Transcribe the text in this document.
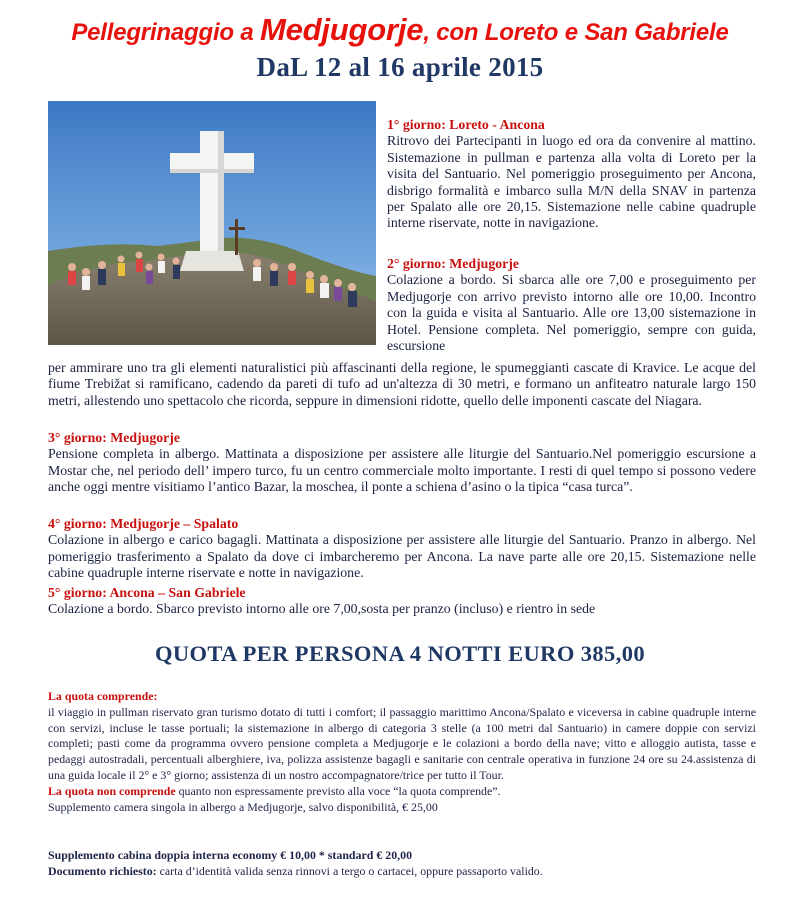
Pellegrinaggio a Medjugorje, con Loreto e San Gabriele
DaL 12 al 16 aprile 2015
1° giorno: Loreto - Ancona

Ritrovo dei Partecipanti in luogo ed ora da convenire al mattino. Sistemazione in pullman e partenza alla volta di Loreto per la visita del Santuario. Nel pomeriggio proseguimento per Ancona, disbrigo formalità e imbarco sulla M/N della SNAV in partenza per Spalato alle ore 20,15. Sistemazione nelle cabine quadruple interne riservate, notte in navigazione.

2° giorno: Medjugorje

Colazione a bordo. Si sbarca alle ore 7,00 e proseguimento per Medjugorje con arrivo previsto intorno alle ore 10,00. Incontro con la guida e visita al Santuario. Alle ore 13,00 sistemazione in Hotel. Pensione completa. Nel pomeriggio, sempre con guida, escursione

per ammirare uno tra gli elementi naturalistici più affascinanti della regione, le spumeggianti cascate di Kravice. Le acque del fiume Trebižat si ramificano, cadendo da pareti di tufo ad un'altezza di 30 metri, e formano un anfiteatro naturale largo 150 metri, allestendo uno spettacolo che ricorda, seppure in dimensioni ridotte, quello delle imponenti cascate del Niagara.

3° giorno: Medjugorje

Pensione completa in albergo. Mattinata a disposizione per assistere alle liturgie del Santuario.Nel pomeriggio escursione a Mostar che, nel periodo dell’ impero turco, fu un centro commerciale molto importante. I resti di quel tempo si possono vedere anche oggi mentre visitiamo l’antico Bazar, la moschea, il ponte a schiena d’asino o la tipica “casa turca”.

4° giorno: Medjugorje – Spalato

Colazione in albergo e carico bagagli. Mattinata a disposizione per assistere alle liturgie del Santuario. Pranzo in albergo. Nel pomeriggio trasferimento a Spalato da dove ci imbarcheremo per Ancona. La nave parte alle ore 20,15. Sistemazione nelle cabine quadruple interne riservate e notte in navigazione.

5° giorno: Ancona – San Gabriele

Colazione a bordo. Sbarco previsto intorno alle ore 7,00,sosta per pranzo (incluso) e rientro in sede

QUOTA PER PERSONA 4 NOTTI EURO 385,00
La quota comprende:

il viaggio in pullman riservato gran turismo dotato di tutti i comfort; il passaggio marittimo Ancona/Spalato e viceversa in cabine quadruple interne con servizi, incluse le tasse portuali; la sistemazione in albergo di categoria 3 stelle (a 100 metri dal Santuario) in camere doppie con servizi completi; pasti come da programma ovvero pensione completa a Medjugorje e le colazioni a bordo della nave; vitto e alloggio autista, tasse e pedaggi autostradali, percentuali alberghiere, iva, polizza assistenze bagagli e sanitarie con centrale operativa in funzione 24 ore su 24.assistenza di una guida locale il 2° e 3° giorno; assistenza di un nostro accompagnatore/trice per tutto il Tour.

La quota non comprende quanto non espressamente previsto alla voce “la quota comprende”.

Supplemento camera singola in albergo a Medjugorje, salvo disponibilità, € 25,00

Supplemento cabina doppia interna economy € 10,00 * standard € 20,00

Documento richiesto: carta d’identità valida senza rinnovi a tergo o cartacei, oppure passaporto valido.
